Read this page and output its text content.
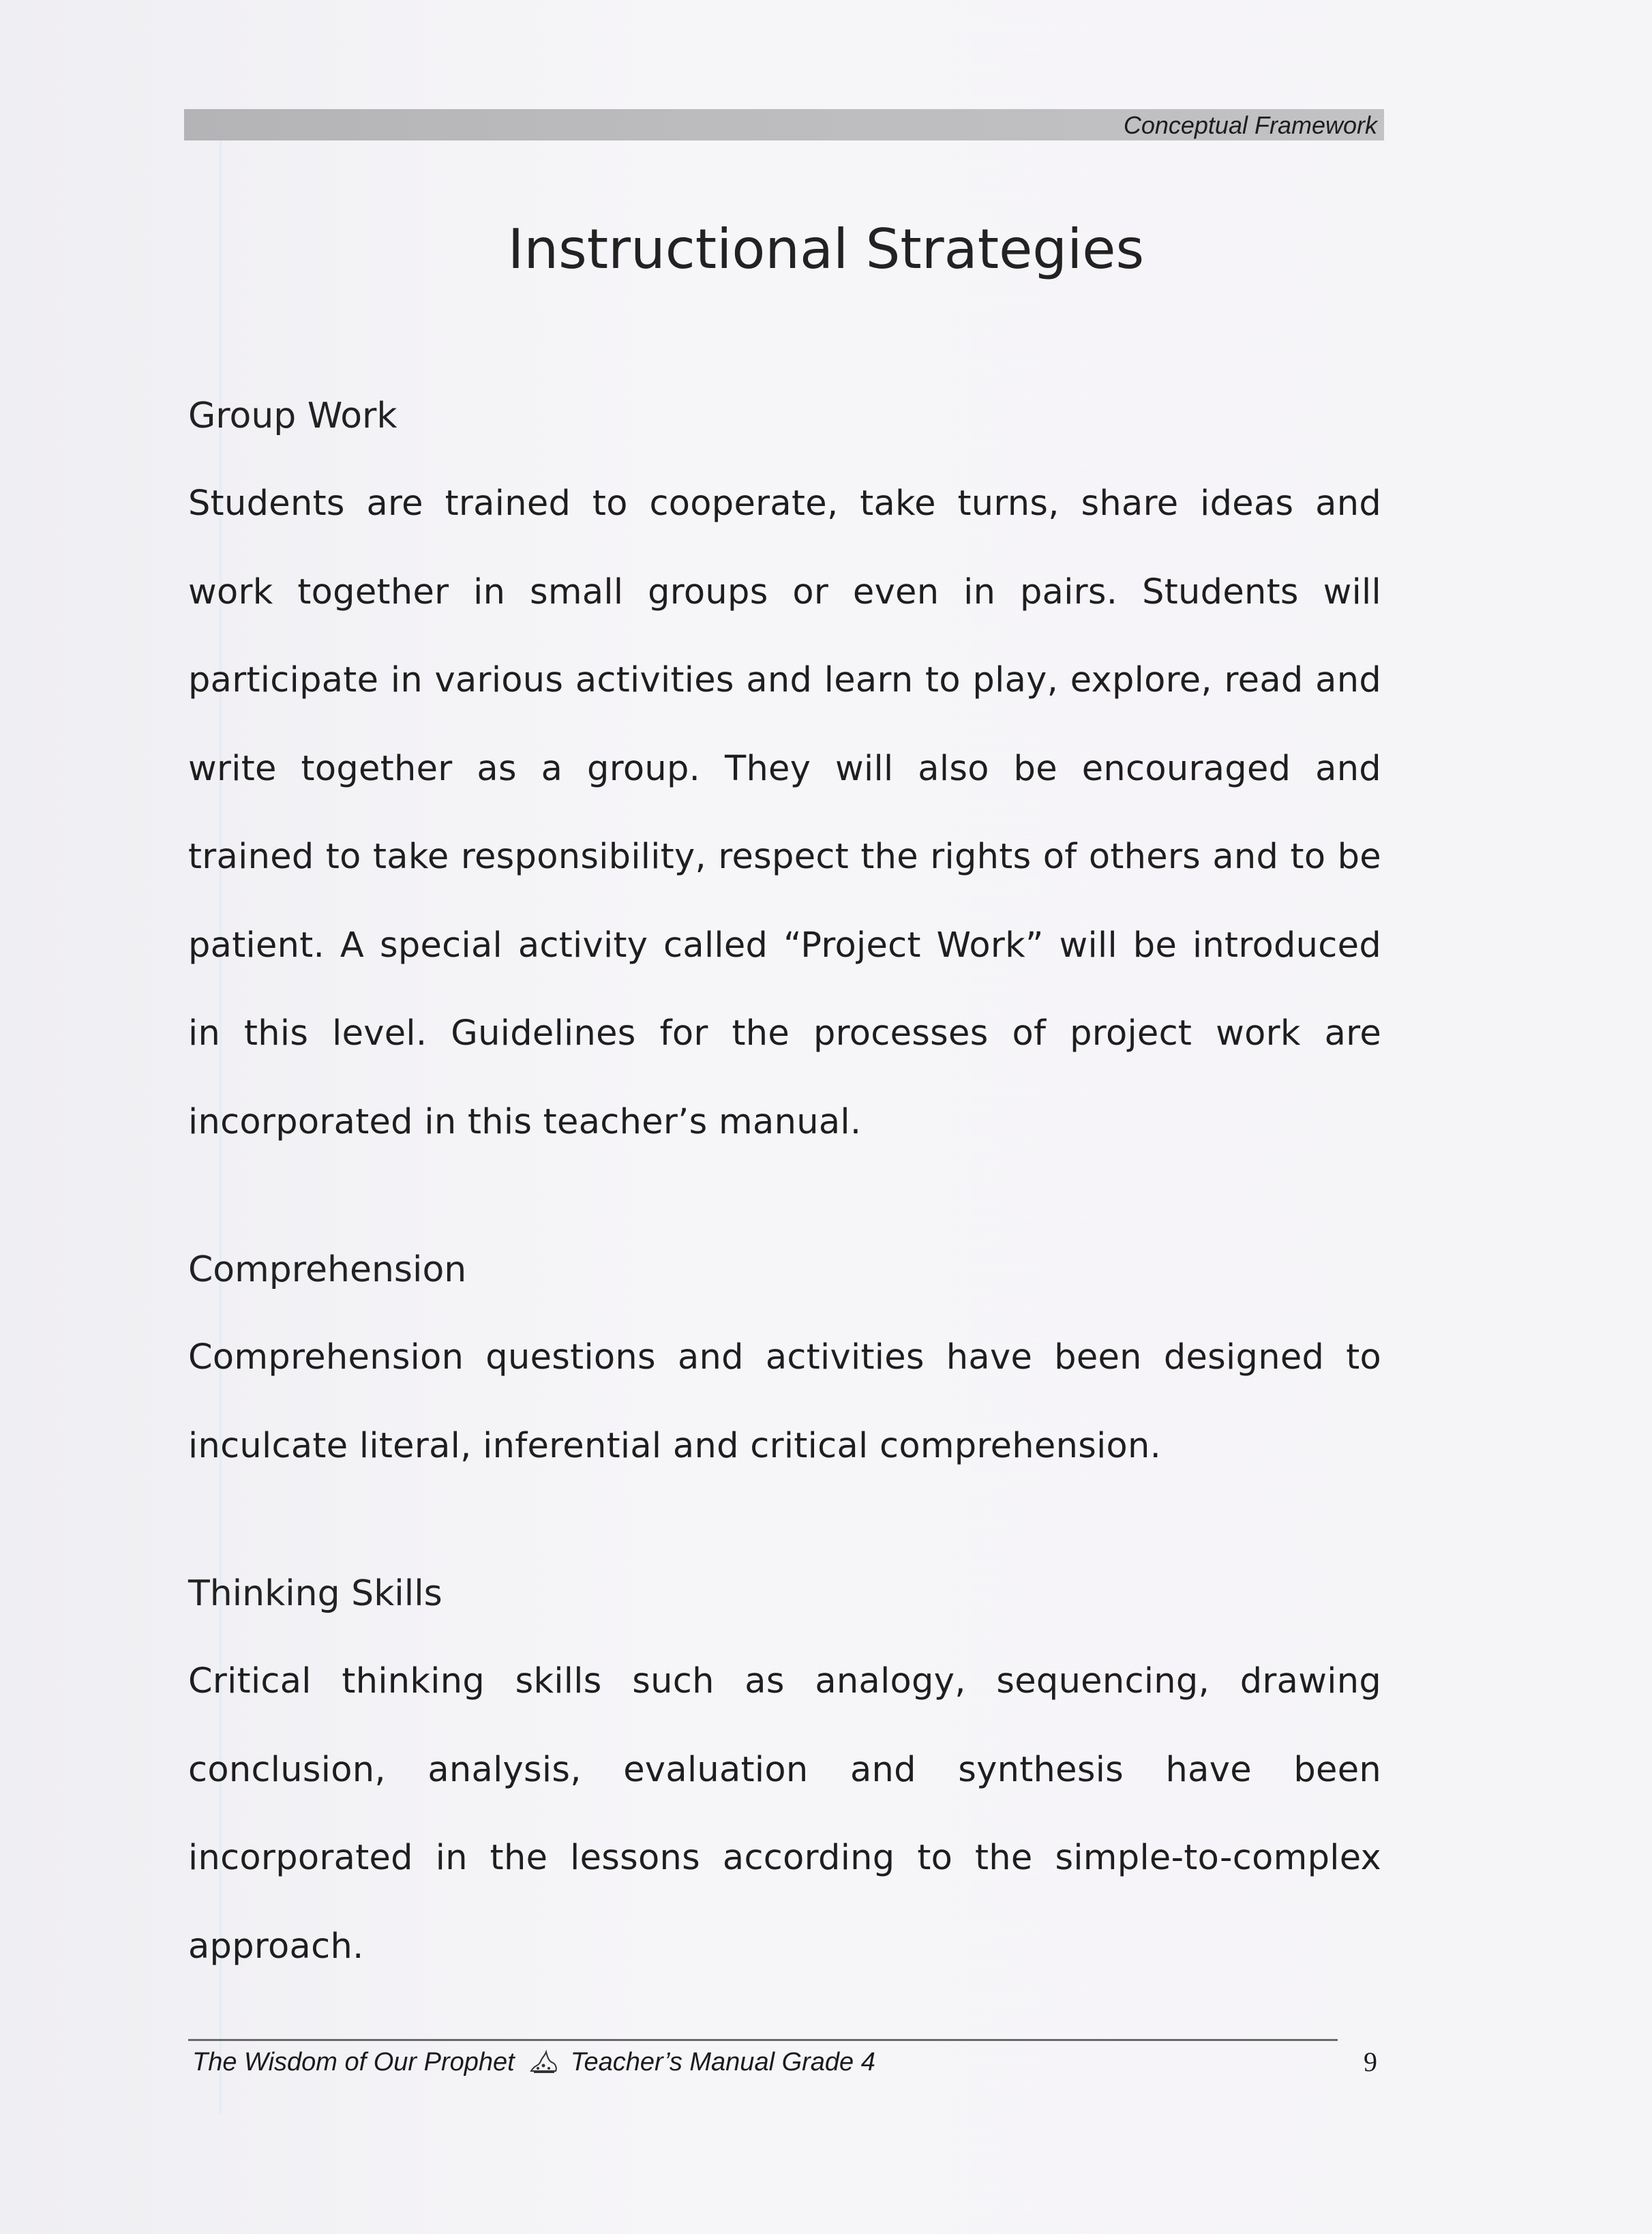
Conceptual Framework
Instructional Strategies
Group Work

Students are trained to cooperate, take turns, share ideas and work together in small groups or even in pairs. Students will participate in various activities and learn to play, explore, read and write together as a group. They will also be encouraged and trained to take responsibility, respect the rights of others and to be patient. A special activity called “Project Work” will be introduced in this level. Guidelines for the processes of project work are incorporated in this teacher’s manual.

Comprehension

Comprehension questions and activities have been designed to inculcate literal, inferential and critical comprehension.

Thinking Skills

Critical thinking skills such as analogy, sequencing, drawing conclusion, analysis, evaluation and synthesis have been incorporated in the lessons according to the simple-to-complex approach.

The Wisdom of Our Prophet Teacher’s Manual Grade 4	9
